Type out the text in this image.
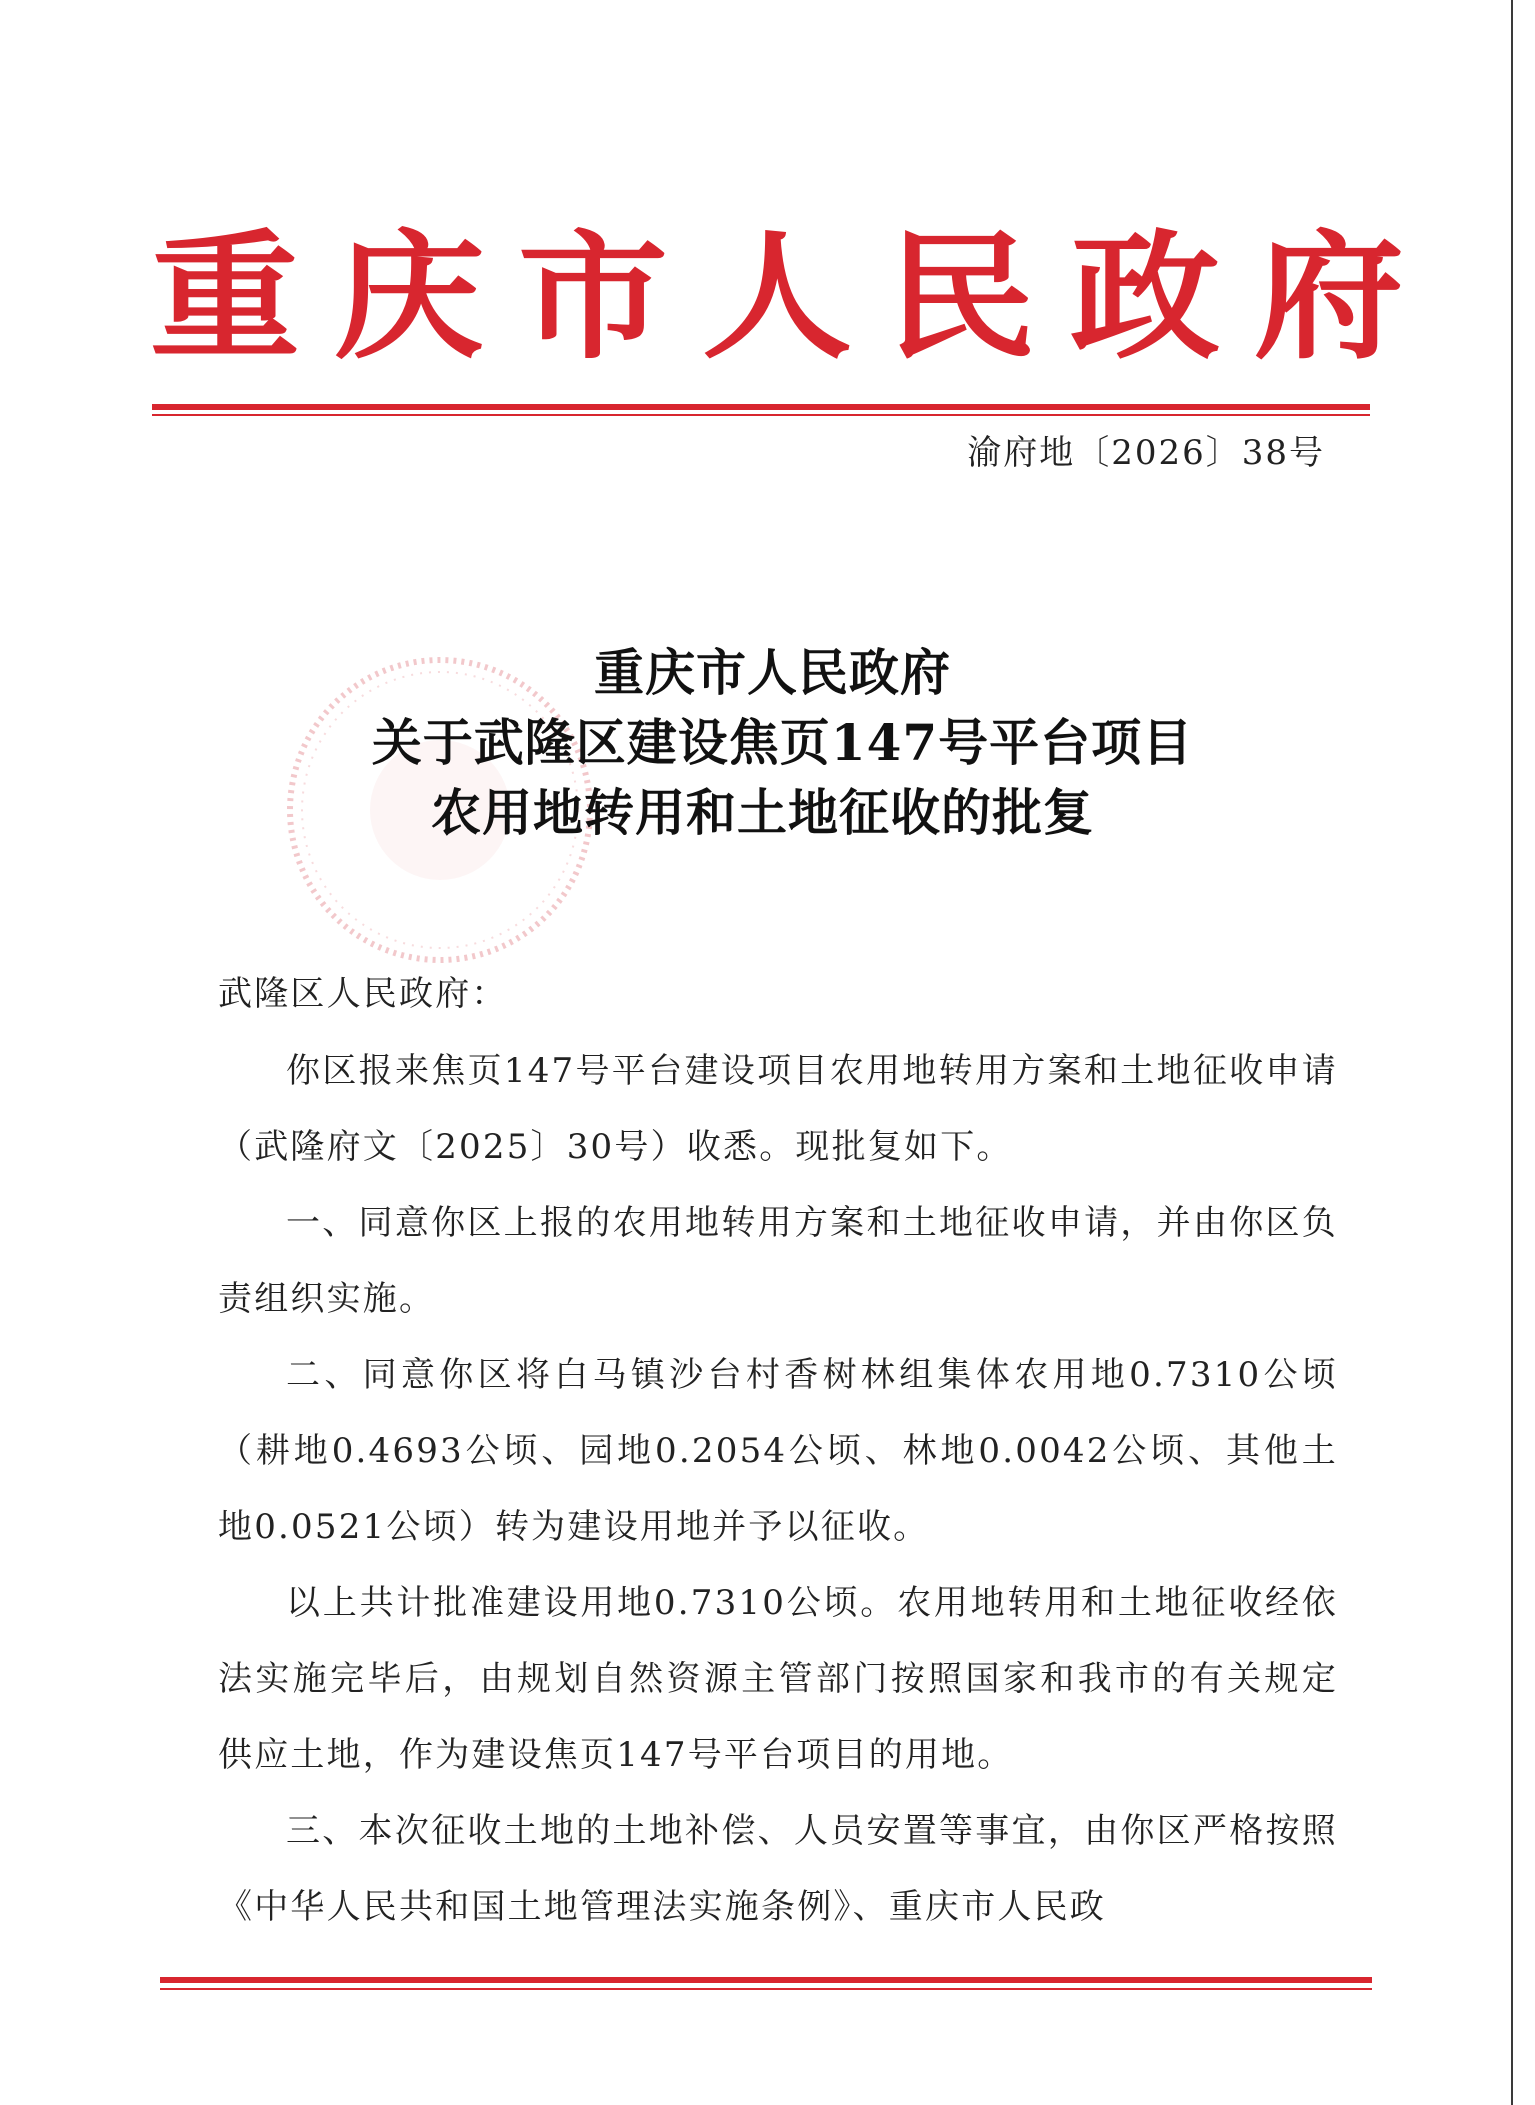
重庆市人民政府
渝府地〔2026〕38号
重庆市人民政府
关于武隆区建设焦页147号平台项目
农用地转用和土地征收的批复
武隆区人民政府：

你区报来焦页147号平台建设项目农用地转用方案和土地征收申请（武隆府文〔2025〕30号）收悉。现批复如下。

一、同意你区上报的农用地转用方案和土地征收申请，并由你区负责组织实施。

二、同意你区将白马镇沙台村香树林组集体农用地0.7310公顷（耕地0.4693公顷、园地0.2054公顷、林地0.0042公顷、其他土地0.0521公顷）转为建设用地并予以征收。

以上共计批准建设用地0.7310公顷。农用地转用和土地征收经依法实施完毕后，由规划自然资源主管部门按照国家和我市的有关规定供应土地，作为建设焦页147号平台项目的用地。

三、本次征收土地的土地补偿、人员安置等事宜，由你区严格按照《中华人民共和国土地管理法实施条例》、重庆市人民政
